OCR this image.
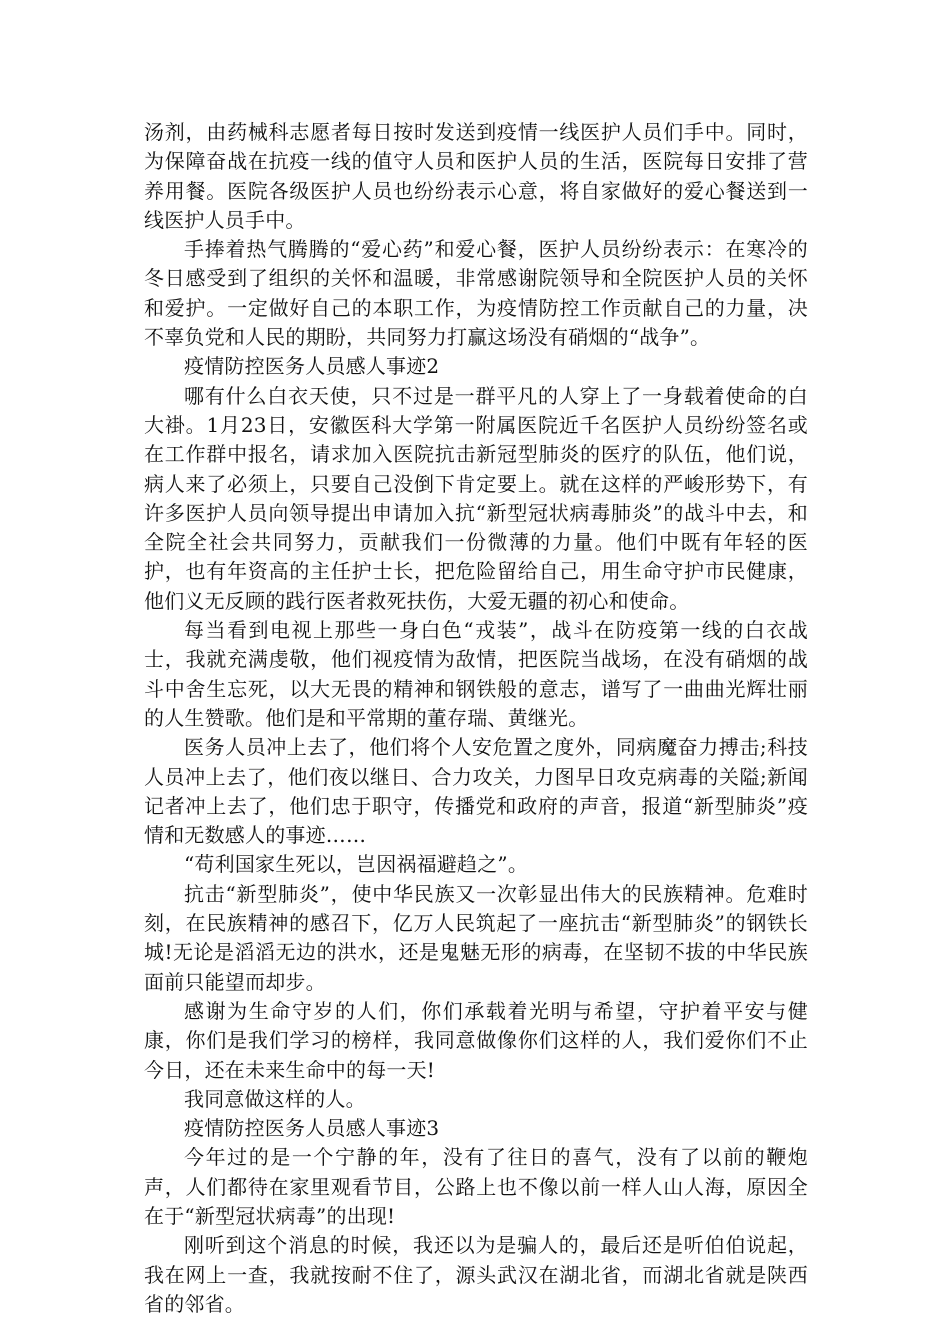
汤剂，由药械科志愿者每日按时发送到疫情一线医护人员们手中。同时，为保障奋战在抗疫一线的值守人员和医护人员的生活，医院每日安排了营养用餐。医院各级医护人员也纷纷表示心意，将自家做好的爱心餐送到一线医护人员手中。

手捧着热气腾腾的“爱心药”和爱心餐，医护人员纷纷表示：在寒冷的冬日感受到了组织的关怀和温暖，非常感谢院领导和全院医护人员的关怀和爱护。一定做好自己的本职工作，为疫情防控工作贡献自己的力量，决不辜负党和人民的期盼，共同努力打赢这场没有硝烟的“战争”。

疫情防控医务人员感人事迹2

哪有什么白衣天使，只不过是一群平凡的人穿上了一身载着使命的白大褂。1月23日，安徽医科大学第一附属医院近千名医护人员纷纷签名或在工作群中报名，请求加入医院抗击新冠型肺炎的医疗的队伍，他们说，病人来了必须上，只要自己没倒下肯定要上。就在这样的严峻形势下，有许多医护人员向领导提出申请加入抗“新型冠状病毒肺炎”的战斗中去，和全院全社会共同努力，贡献我们一份微薄的力量。他们中既有年轻的医护，也有年资高的主任护士长，把危险留给自己，用生命守护市民健康，他们义无反顾的践行医者救死扶伤，大爱无疆的初心和使命。

每当看到电视上那些一身白色“戎装”，战斗在防疫第一线的白衣战士，我就充满虔敬，他们视疫情为敌情，把医院当战场，在没有硝烟的战斗中舍生忘死，以大无畏的精神和钢铁般的意志，谱写了一曲曲光辉壮丽的人生赞歌。他们是和平常期的董存瑞、黄继光。

医务人员冲上去了，他们将个人安危置之度外，同病魔奋力搏击;科技人员冲上去了，他们夜以继日、合力攻关，力图早日攻克病毒的关隘;新闻记者冲上去了，他们忠于职守，传播党和政府的声音，报道“新型肺炎”疫情和无数感人的事迹……

“苟利国家生死以，岂因祸福避趋之”。

抗击“新型肺炎”，使中华民族又一次彰显出伟大的民族精神。危难时刻，在民族精神的感召下，亿万人民筑起了一座抗击“新型肺炎”的钢铁长城!无论是滔滔无边的洪水，还是鬼魅无形的病毒，在坚韧不拔的中华民族面前只能望而却步。

感谢为生命守岁的人们，你们承载着光明与希望，守护着平安与健康，你们是我们学习的榜样，我同意做像你们这样的人，我们爱你们不止今日，还在未来生命中的每一天!

我同意做这样的人。

疫情防控医务人员感人事迹3

今年过的是一个宁静的年，没有了往日的喜气，没有了以前的鞭炮声，人们都待在家里观看节目，公路上也不像以前一样人山人海，原因全在于“新型冠状病毒”的出现!

刚听到这个消息的时候，我还以为是骗人的，最后还是听伯伯说起，我在网上一查，我就按耐不住了，源头武汉在湖北省，而湖北省就是陕西省的邻省。
